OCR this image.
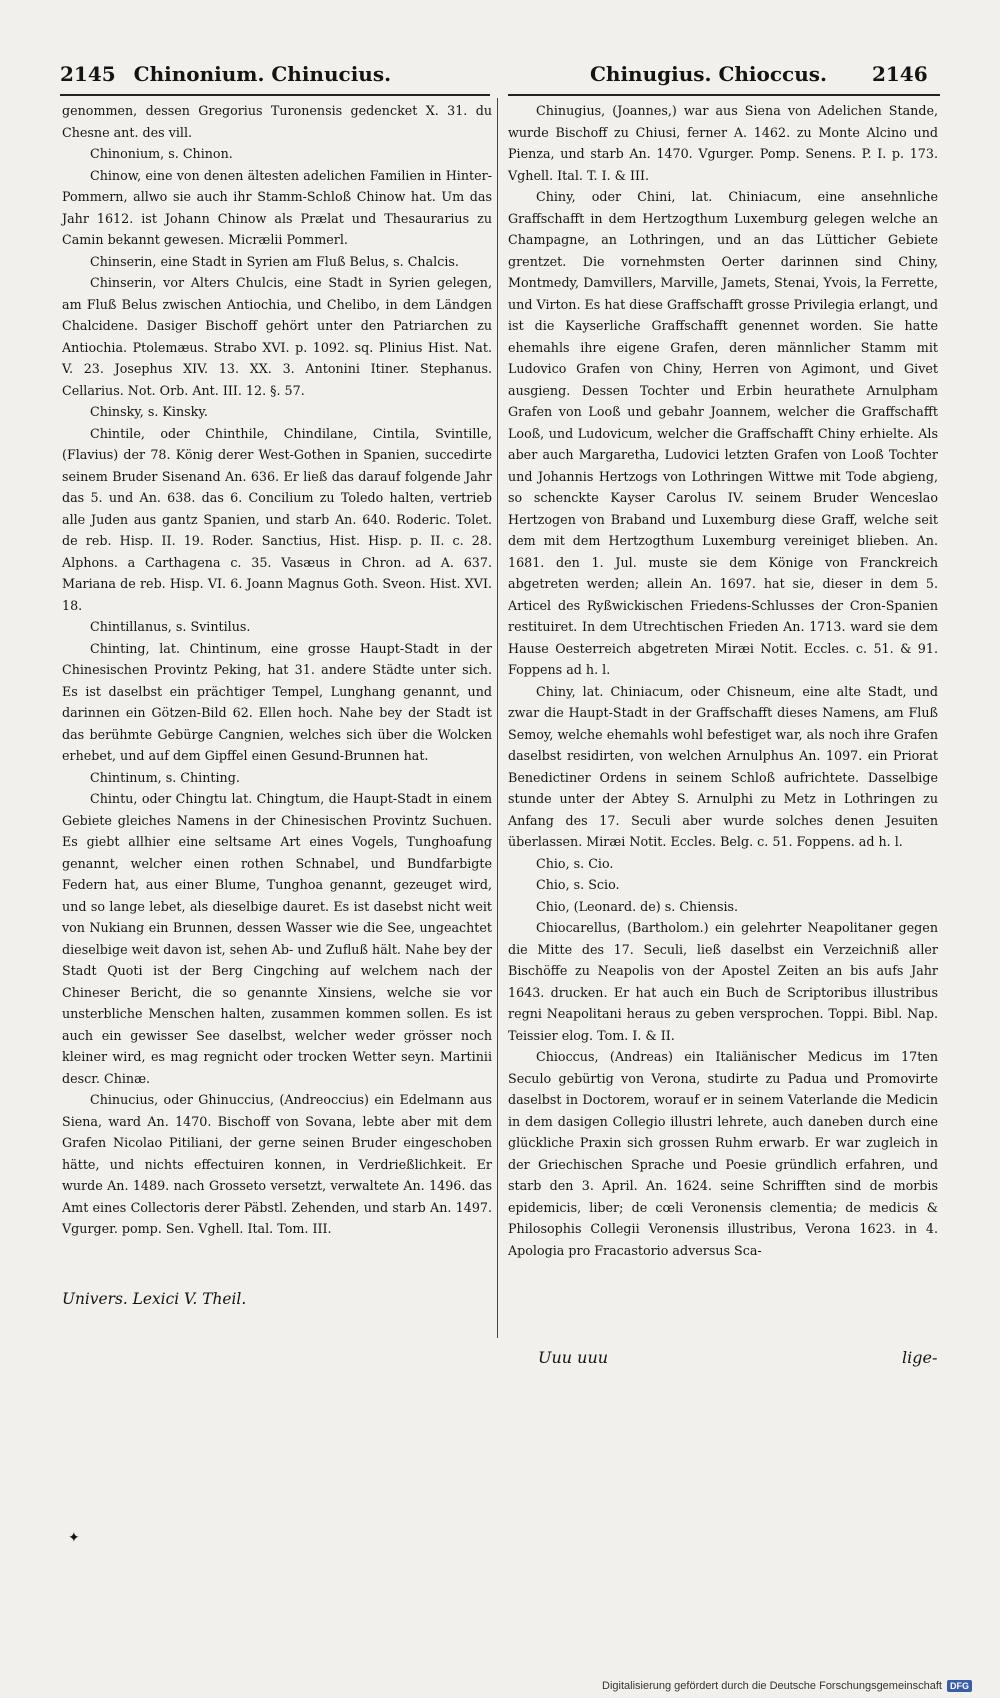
2145 Chinonium. Chinucius.	Chinugius. Chioccus. 2146

genommen, dessen Gregorius Turonensis gedencket X. 31. du Chesne ant. des vill.

Chinonium, s. Chinon.

Chinow, eine von denen ältesten adelichen Familien in Hinter-Pommern, allwo sie auch ihr Stamm-Schloß Chinow hat. Um das Jahr 1612. ist Johann Chinow als Prælat und Thesaurarius zu Camin bekannt gewesen. Micrælii Pommerl.

Chinserin, eine Stadt in Syrien am Fluß Belus, s. Chalcis.

Chinserin, vor Alters Chulcis, eine Stadt in Syrien gelegen, am Fluß Belus zwischen Antiochia, und Chelibo, in dem Ländgen Chalcidene. Dasiger Bischoff gehört unter den Patriarchen zu Antiochia. Ptolemæus. Strabo XVI. p. 1092. sq. Plinius Hist. Nat. V. 23. Josephus XIV. 13. XX. 3. Antonini Itiner. Stephanus. Cellarius. Not. Orb. Ant. III. 12. §. 57.

Chinsky, s. Kinsky.

Chintile, oder Chinthile, Chindilane, Cintila, Svintille, (Flavius) der 78. König derer West-Gothen in Spanien, succedirte seinem Bruder Sisenand An. 636. Er ließ das darauf folgende Jahr das 5. und An. 638. das 6. Concilium zu Toledo halten, vertrieb alle Juden aus gantz Spanien, und starb An. 640. Roderic. Tolet. de reb. Hisp. II. 19. Roder. Sanctius, Hist. Hisp. p. II. c. 28. Alphons. a Carthagena c. 35. Vasæus in Chron. ad A. 637. Mariana de reb. Hisp. VI. 6. Joann Magnus Goth. Sveon. Hist. XVI. 18.

Chintillanus, s. Svintilus.

Chinting, lat. Chintinum, eine grosse Haupt-Stadt in der Chinesischen Provintz Peking, hat 31. andere Städte unter sich. Es ist daselbst ein prächtiger Tempel, Lunghang genannt, und darinnen ein Götzen-Bild 62. Ellen hoch. Nahe bey der Stadt ist das berühmte Gebürge Cangnien, welches sich über die Wolcken erhebet, und auf dem Gipffel einen Gesund-Brunnen hat.

Chintinum, s. Chinting.

Chintu, oder Chingtu lat. Chingtum, die Haupt-Stadt in einem Gebiete gleiches Namens in der Chinesischen Provintz Suchuen. Es giebt allhier eine seltsame Art eines Vogels, Tunghoafung genannt, welcher einen rothen Schnabel, und Bundfarbigte Federn hat, aus einer Blume, Tunghoa genannt, gezeuget wird, und so lange lebet, als dieselbige dauret. Es ist dasebst nicht weit von Nukiang ein Brunnen, dessen Wasser wie die See, ungeachtet dieselbige weit davon ist, sehen Ab- und Zufluß hält. Nahe bey der Stadt Quoti ist der Berg Cingching auf welchem nach der Chineser Bericht, die so genannte Xinsiens, welche sie vor unsterbliche Menschen halten, zusammen kommen sollen. Es ist auch ein gewisser See daselbst, welcher weder grösser noch kleiner wird, es mag regnicht oder trocken Wetter seyn. Martinii descr. Chinæ.

Chinucius, oder Ghinuccius, (Andreoccius) ein Edelmann aus Siena, ward An. 1470. Bischoff von Sovana, lebte aber mit dem Grafen Nicolao Pitiliani, der gerne seinen Bruder eingeschoben hätte, und nichts effectuiren konnen, in Verdrießlichkeit. Er wurde An. 1489. nach Grosseto versetzt, verwaltete An. 1496. das Amt eines Collectoris derer Päbstl. Zehenden, und starb An. 1497. Vgurger. pomp. Sen. Vghell. Ital. Tom. III.

Chinugius, (Joannes,) war aus Siena von Adelichen Stande, wurde Bischoff zu Chiusi, ferner A. 1462. zu Monte Alcino und Pienza, und starb An. 1470. Vgurger. Pomp. Senens. P. I. p. 173. Vghell. Ital. T. I. & III.

Chiny, oder Chini, lat. Chiniacum, eine ansehnliche Graffschafft in dem Hertzogthum Luxemburg gelegen welche an Champagne, an Lothringen, und an das Lütticher Gebiete grentzet. Die vornehmsten Oerter darinnen sind Chiny, Montmedy, Damvillers, Marville, Jamets, Stenai, Yvois, la Ferrette, und Virton. Es hat diese Graffschafft grosse Privilegia erlangt, und ist die Kayserliche Graffschafft genennet worden. Sie hatte ehemahls ihre eigene Grafen, deren männlicher Stamm mit Ludovico Grafen von Chiny, Herren von Agimont, und Givet ausgieng. Dessen Tochter und Erbin heurathete Arnulpham Grafen von Looß und gebahr Joannem, welcher die Graffschafft Looß, und Ludovicum, welcher die Graffschafft Chiny erhielte. Als aber auch Margaretha, Ludovici letzten Grafen von Looß Tochter und Johannis Hertzogs von Lothringen Wittwe mit Tode abgieng, so schenckte Kayser Carolus IV. seinem Bruder Wenceslao Hertzogen von Braband und Luxemburg diese Graff, welche seit dem mit dem Hertzogthum Luxemburg vereiniget blieben. An. 1681. den 1. Jul. muste sie dem Könige von Franckreich abgetreten werden; allein An. 1697. hat sie, dieser in dem 5. Articel des Ryßwickischen Friedens-Schlusses der Cron-Spanien restituiret. In dem Utrechtischen Frieden An. 1713. ward sie dem Hause Oesterreich abgetreten Miræi Notit. Eccles. c. 51. & 91. Foppens ad h. l.

Chiny, lat. Chiniacum, oder Chisneum, eine alte Stadt, und zwar die Haupt-Stadt in der Graffschafft dieses Namens, am Fluß Semoy, welche ehemahls wohl befestiget war, als noch ihre Grafen daselbst residirten, von welchen Arnulphus An. 1097. ein Priorat Benedictiner Ordens in seinem Schloß aufrichtete. Dasselbige stunde unter der Abtey S. Arnulphi zu Metz in Lothringen zu Anfang des 17. Seculi aber wurde solches denen Jesuiten überlassen. Miræi Notit. Eccles. Belg. c. 51. Foppens. ad h. l.

Chio, s. Cio.

Chio, s. Scio.

Chio, (Leonard. de) s. Chiensis.

Chiocarellus, (Bartholom.) ein gelehrter Neapolitaner gegen die Mitte des 17. Seculi, ließ daselbst ein Verzeichniß aller Bischöffe zu Neapolis von der Apostel Zeiten an bis aufs Jahr 1643. drucken. Er hat auch ein Buch de Scriptoribus illustribus regni Neapolitani heraus zu geben versprochen. Toppi. Bibl. Nap. Teissier elog. Tom. I. & II.

Chioccus, (Andreas) ein Italiänischer Medicus im 17ten Seculo gebürtig von Verona, studirte zu Padua und Promovirte daselbst in Doctorem, worauf er in seinem Vaterlande die Medicin in dem dasigen Collegio illustri lehrete, auch daneben durch eine glückliche Praxin sich grossen Ruhm erwarb. Er war zugleich in der Griechischen Sprache und Poesie gründlich erfahren, und starb den 3. April. An. 1624. seine Schrifften sind de morbis epidemicis, liber; de cœli Veronensis clementia; de medicis & Philosophis Collegii Veronensis illustribus, Verona 1623. in 4. Apologia pro Fracastorio adversus Sca-

Univers. Lexici V. Theil.
Uuu uuu	lige-
✦
Digitalisierung gefördert durch die Deutsche Forschungsgemeinschaft DFG
